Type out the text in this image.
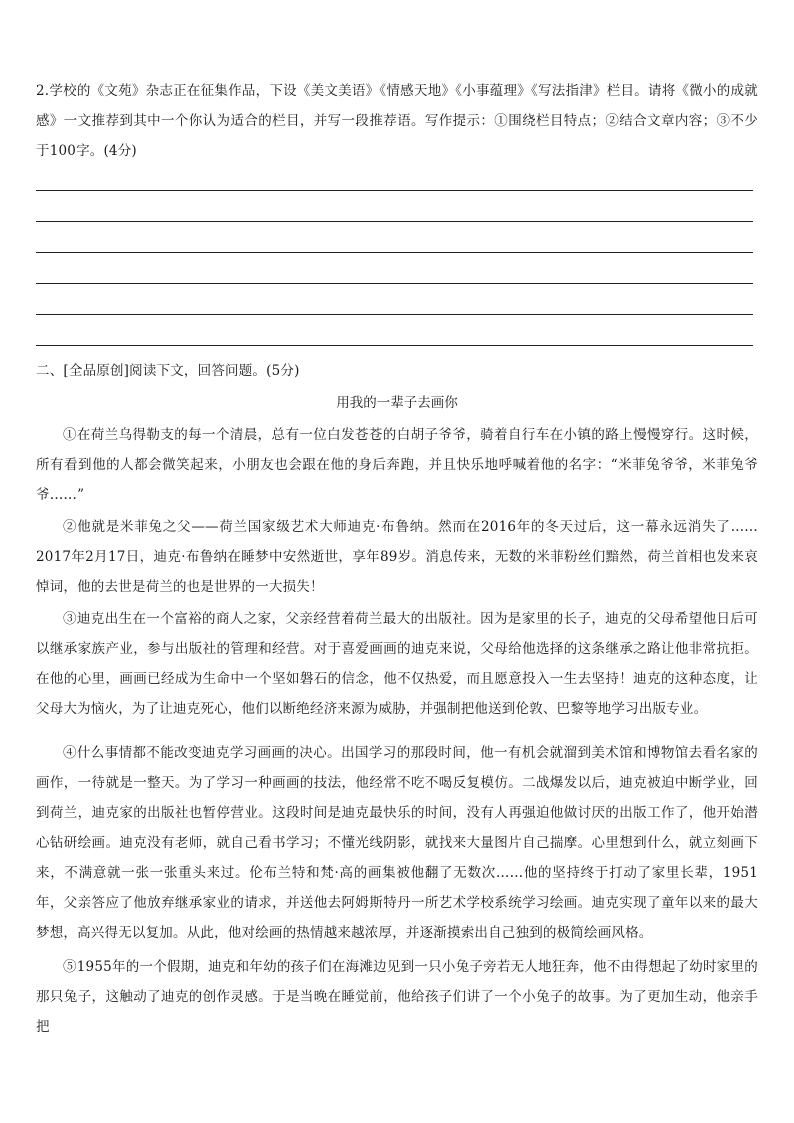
2.学校的《文苑》杂志正在征集作品，下设《美文美语》《情感天地》《小事蕴理》《写法指津》栏目。请将《微小的成就感》一文推荐到其中一个你认为适合的栏目，并写一段推荐语。写作提示：①围绕栏目特点；②结合文章内容；③不少于100字。(4分)
二、[全品原创]阅读下文，回答问题。(5分)
用我的一辈子去画你
①在荷兰乌得勒支的每一个清晨，总有一位白发苍苍的白胡子爷爷，骑着自行车在小镇的路上慢慢穿行。这时候，所有看到他的人都会微笑起来，小朋友也会跟在他的身后奔跑，并且快乐地呼喊着他的名字：“米菲兔爷爷，米菲兔爷爷……”
②他就是米菲兔之父——荷兰国家级艺术大师迪克·布鲁纳。然而在2016年的冬天过后，这一幕永远消失了……2017年2月17日，迪克·布鲁纳在睡梦中安然逝世，享年89岁。消息传来，无数的米菲粉丝们黯然，荷兰首相也发来哀悼词，他的去世是荷兰的也是世界的一大损失！
③迪克出生在一个富裕的商人之家，父亲经营着荷兰最大的出版社。因为是家里的长子，迪克的父母希望他日后可以继承家族产业，参与出版社的管理和经营。对于喜爱画画的迪克来说，父母给他选择的这条继承之路让他非常抗拒。在他的心里，画画已经成为生命中一个坚如磐石的信念，他不仅热爱，而且愿意投入一生去坚持！迪克的这种态度，让父母大为恼火，为了让迪克死心，他们以断绝经济来源为威胁，并强制把他送到伦敦、巴黎等地学习出版专业。
④什么事情都不能改变迪克学习画画的决心。出国学习的那段时间，他一有机会就溜到美术馆和博物馆去看名家的画作，一待就是一整天。为了学习一种画画的技法，他经常不吃不喝反复模仿。二战爆发以后，迪克被迫中断学业，回到荷兰，迪克家的出版社也暂停营业。这段时间是迪克最快乐的时间，没有人再强迫他做讨厌的出版工作了，他开始潜心钻研绘画。迪克没有老师，就自己看书学习；不懂光线阴影，就找来大量图片自己揣摩。心里想到什么，就立刻画下来，不满意就一张一张重头来过。伦布兰特和梵·高的画集被他翻了无数次……他的坚持终于打动了家里长辈，1951年，父亲答应了他放弃继承家业的请求，并送他去阿姆斯特丹一所艺术学校系统学习绘画。迪克实现了童年以来的最大梦想，高兴得无以复加。从此，他对绘画的热情越来越浓厚，并逐渐摸索出自己独到的极简绘画风格。
⑤1955年的一个假期，迪克和年幼的孩子们在海滩边见到一只小兔子旁若无人地狂奔，他不由得想起了幼时家里的那只兔子，这触动了迪克的创作灵感。于是当晚在睡觉前，他给孩子们讲了一个小兔子的故事。为了更加生动，他亲手把
